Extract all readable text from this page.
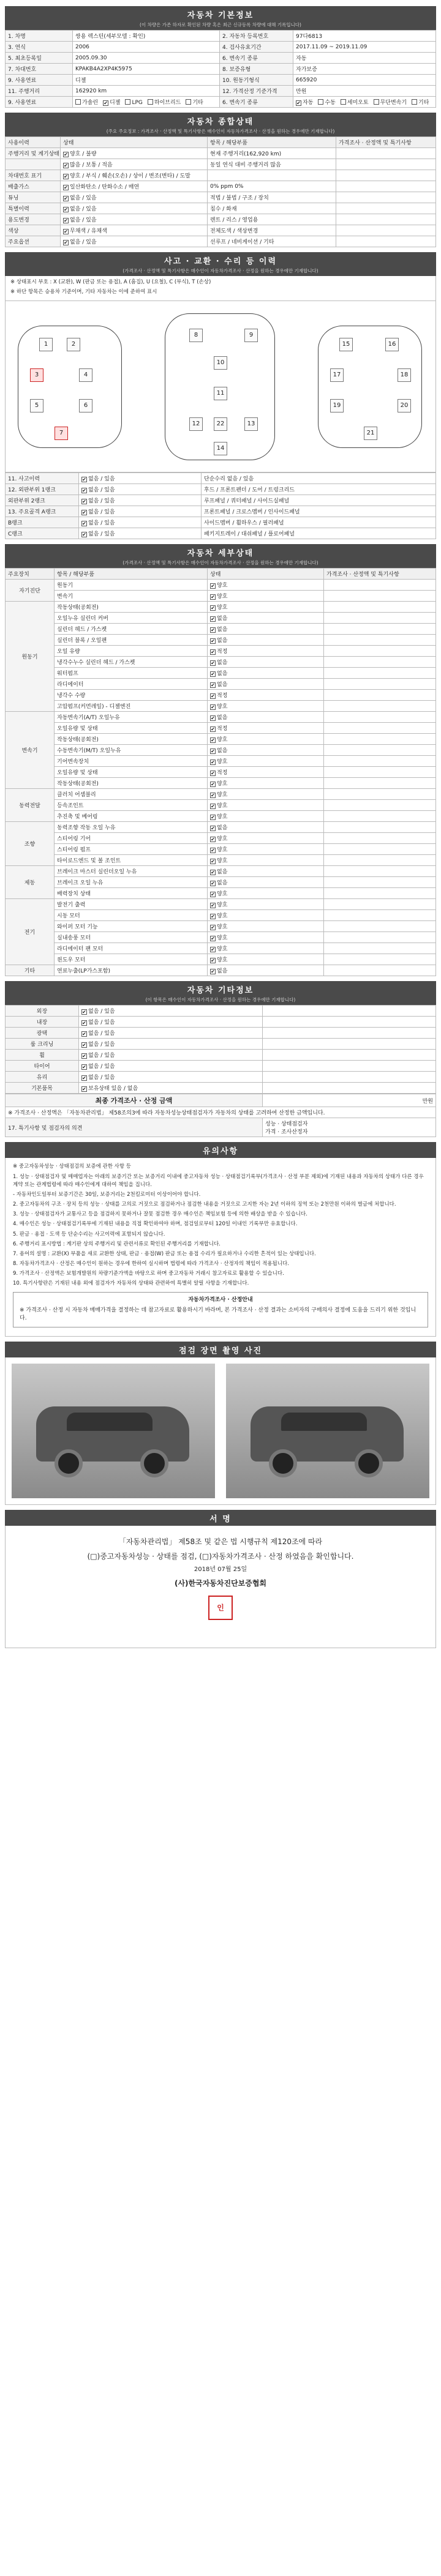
자동차 기본정보
(이 차량은 가존 하자로 확인된 차량 혹은 최근 신규등록 차량에 대해 기록입니다)
1. 차명	쌍용 렉스턴(세부모델 : 확인)	2. 자동차 등록번호	97다6813
3. 연식	2006	4. 검사유효기간	2017.11.09 ~ 2019.11.09
5. 최초등록일	2005.09.30	6. 변속기 종류	자동
7. 차대번호	KPAKB4A2XP4K5975	8. 보증유형	자가보증
9. 사용연료	디젤	10. 원동기형식	665920
11. 주행거리	162920 km	12. 가격산정 기준가격	만원
9. 사용연료	가솔린 ✔ 디젤 LPG 하이브리드 기타	6. 변속기 종류	✔자동 수동 세미오토 무단변속기 기타
자동차 종합상태
(주요 주요정보 : 가격조사 · 산정액 및 특기사항은 매수인이 자동차가격조사 · 산정을 원하는 경우에만 기재합니다)
사용이력	상태	항목 / 해당부품	가격조사 · 산정액 및 특기사항
주행거리 및 계기상태	✔양호 / 불량	현재 주행거리(162,920 km)	
	✔많음 / 보통 / 적음	동일 연식 대비 주행거리 많음	
차대번호 표기	✔양호 / 부식 / 훼손(오손) / 상이 / 변조(변타) / 도말		
배출가스	✔일산화탄소 / 탄화수소 / 매연	0% ppm 0%	
튜닝	✔없음 / 있음	적법 / 불법 / 구조 / 장치	
특별이력	✔없음 / 있음	침수 / 화재	
용도변경	✔없음 / 있음	렌트 / 리스 / 영업용	
색상	✔무채색 / 유채색	전체도색 / 색상변경	
주요옵션	✔없음 / 있음	선루프 / 네비게이션 / 기타	
사고 · 교환 · 수리 등 이력
(가격조사 · 산정액 및 특기사항은 매수인이 자동차가격조사 · 산정을 원하는 경우에만 기재합니다)

※ 상태표시 부호 : X (교환), W (판금 또는 용접), A (흠집), U (요철), C (부식), T (손상)

※ 하단 항목은 승용차 기준이며, 기타 자동차는 이에 준하여 표시

1	2
3	4
5	6
7
8	9
10
11
12	13
14
15	16
17	18
19	20
21
22
11. 사고이력	✔없음 / 있음	단순수리 없음 / 있음
12. 외판부위 1랭크	✔없음 / 있음	후드 / 프론트펜더 / 도어 / 트렁크리드
외판부위 2랭크	✔없음 / 있음	루프패널 / 쿼터패널 / 사이드실패널
13. 주요골격 A랭크	✔없음 / 있음	프론트패널 / 크로스멤버 / 인사이드패널
B랭크	✔없음 / 있음	사이드멤버 / 휠하우스 / 필러패널
C랭크	✔없음 / 있음	패키지트레이 / 대쉬패널 / 플로어패널
자동차 세부상태
(가격조사 · 산정액 및 특기사항은 매수인이 자동차가격조사 · 산정을 원하는 경우에만 기재합니다)
주요장치	항목 / 해당부품	상태	가격조사 · 산정액 및 특기사항
자기진단	원동기	✔양호	
	변속기	✔양호	
원동기	작동상태(공회전)	✔양호	
	오일누유 실린더 커버	✔없음	
	실린더 헤드 / 가스켓	✔없음	
	실린더 블록 / 오일팬	✔없음	
	오일 유량	✔적정	
	냉각수누수 실린더 헤드 / 가스켓	✔없음	
	워터펌프	✔없음	
	라디에이터	✔없음	
	냉각수 수량	✔적정	
	고압펌프(커먼레일) - 디젤엔진	✔양호	
변속기	자동변속기(A/T) 오일누유	✔없음	
	오일유량 및 상태	✔적정	
	작동상태(공회전)	✔양호	
	수동변속기(M/T) 오일누유	✔없음	
	기어변속장치	✔양호	
	오일유량 및 상태	✔적정	
	작동상태(공회전)	✔양호	
동력전달	클러치 어셈블리	✔양호	
	등속조인트	✔양호	
	추진축 및 베어링	✔양호	
조향	동력조향 작동 오일 누유	✔없음	
	스티어링 기어	✔양호	
	스티어링 펌프	✔양호	
	타이로드엔드 및 볼 조인트	✔양호	
제동	브레이크 마스터 실린더오일 누유	✔없음	
	브레이크 오일 누유	✔없음	
	배력장치 상태	✔양호	
전기	발전기 출력	✔양호	
	시동 모터	✔양호	
	와이퍼 모터 기능	✔양호	
	실내송풍 모터	✔양호	
	라디에이터 팬 모터	✔양호	
	윈도우 모터	✔양호	
기타	연료누출(LP가스포함)	✔없음	
자동차 기타정보
(이 항목은 매수인이 자동차가격조사 · 산정을 원하는 경우에만 기재합니다)
외장	✔없음 / 있음	
내장	✔없음 / 있음	
광택	✔없음 / 있음	
룸 크리닝	✔없음 / 있음	
휠	✔없음 / 있음	
타이어	✔없음 / 있음	
유리	✔없음 / 있음	
기본품목	✔보유상태 있음 / 없음	
최종 가격조사 · 산정 금액	만원
※ 가격조사 · 산정액은 「자동차관리법」 제58조의3에 따라 자동차성능상태점검자가 자동차의 상태를 고려하여 산정한 금액입니다.	
17. 특기사항 및 점검자의 의견	성능 · 상태점검자
가격 · 조사산정자
유의사항

※ 중고자동차성능 · 상태점검의 보증에 관한 사항 등

1. 성능 · 상태점검자 및 매매업자는 아래의 보증기간 또는 보증거리 이내에 중고자동차 성능 · 상태점검기록부(가격조사 · 산정 부분 제외)에 기재된 내용과 자동차의 상태가 다른 경우 계약 또는 관계법령에 따라 매수인에게 대하여 책임을 집니다.

- 자동차인도일부터 보증기간은 30일, 보증거리는 2천킬로미터 이상이어야 합니다.

2. 중고자동차의 구조 · 장치 등의 성능 · 상태를 고의로 거짓으로 점검하거나 점검한 내용을 거짓으로 고지한 자는 2년 이하의 징역 또는 2천만원 이하의 벌금에 처합니다.

3. 성능 · 상태점검자가 교통사고 등을 점검하지 못하거나 잘못 점검한 경우 매수인은 책임보험 등에 의한 배상을 받을 수 있습니다.

4. 매수인은 성능 · 상태점검기록부에 기재된 내용을 직접 확인하여야 하며, 점검일로부터 120일 이내인 기록부만 유효합니다.

5. 판금 · 용접 · 도색 등 단순수리는 사고이력에 포함되지 않습니다.

6. 주행거리 표시방법 : 계기판 상의 주행거리 및 관련서류로 확인된 주행거리를 기재합니다.

7. 용어의 설명 : 교환(X) 부품을 새로 교환한 상태, 판금 · 용접(W) 판금 또는 용접 수리가 필요하거나 수리한 흔적이 있는 상태입니다.

8. 자동차가격조사 · 산정은 매수인이 원하는 경우에 한하여 실시하며 법령에 따라 가격조사 · 산정자의 책임이 적용됩니다.

9. 가격조사 · 산정액은 보험개발원의 차량기준가액을 바탕으로 하며 중고자동차 거래시 참고자료로 활용할 수 있습니다.

10. 특기사항란은 기재된 내용 외에 점검자가 자동차의 상태와 관련하여 특별히 알릴 사항을 기재합니다.

자동차가격조사 · 산정안내
※ 가격조사 · 산정 시 자동차 매매가격을 결정하는 데 참고자료로 활용하시기 바라며, 본 가격조사 · 산정 결과는 소비자의 구매의사 결정에 도움을 드리기 위한 것입니다.
점검 장면 촬영 사진
서 명
「자동차관리법」 제58조 및 같은 법 시행규칙 제120조에 따라
(□)중고자동차성능 · 상태를 점검, (□)자동차가격조사 · 산정 하였음을 확인합니다.
2018년 07월 25일
(사)한국자동차진단보증협회
인
